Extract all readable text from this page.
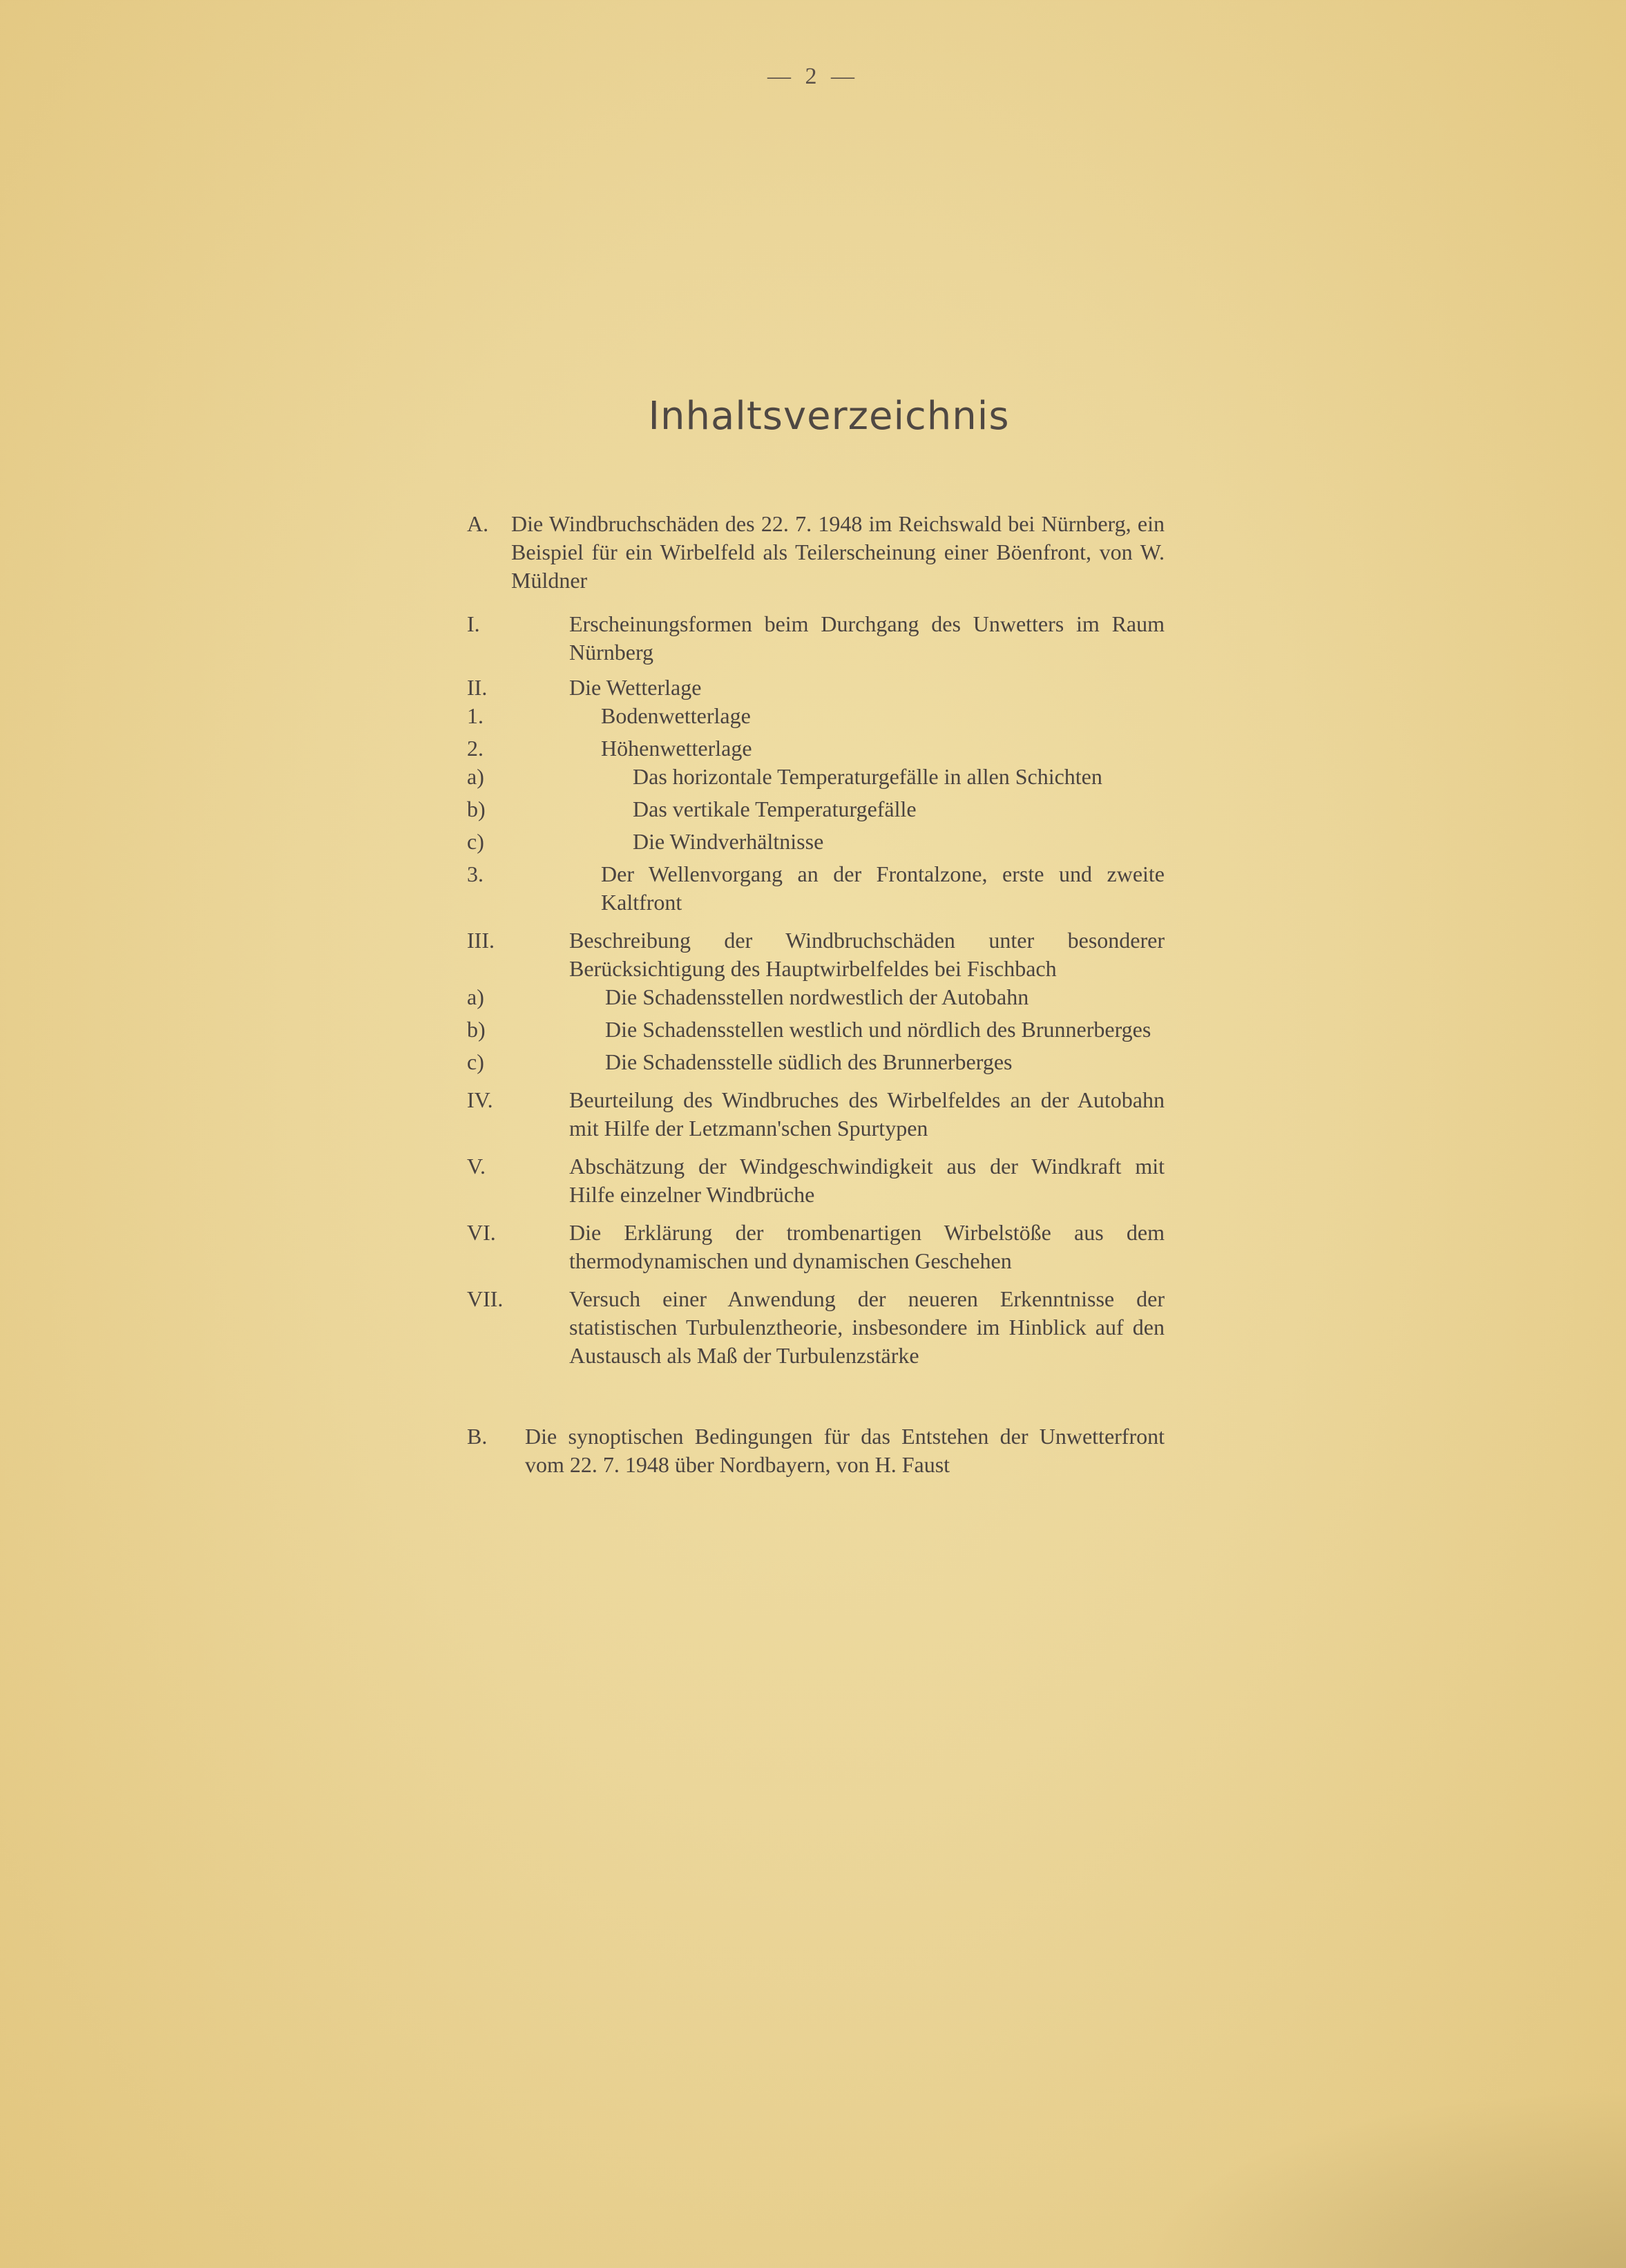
— 2 —
Inhaltsverzeichnis
A.	Die Windbruchschäden des 22. 7. 1948 im Reichswald bei Nürnberg, ein Beispiel für ein Wirbelfeld als Teilerscheinung einer Böenfront, von W. Müldner
I.	Erscheinungsformen beim Durchgang des Unwetters im Raum Nürnberg
II.	Die Wetterlage
1.	Bodenwetterlage
2.	Höhenwetterlage
a)	Das horizontale Temperaturgefälle in allen Schichten
b)	Das vertikale Temperaturgefälle
c)	Die Windverhältnisse
3.	Der Wellenvorgang an der Frontalzone, erste und zweite Kaltfront
III.	Beschreibung der Windbruchschäden unter besonderer Berücksichtigung des Hauptwirbelfeldes bei Fischbach
a)	Die Schadensstellen nordwestlich der Autobahn
b)	Die Schadensstellen westlich und nördlich des Brunnerberges
c)	Die Schadensstelle südlich des Brunnerberges
IV.	Beurteilung des Windbruches des Wirbelfeldes an der Autobahn mit Hilfe der Letzmann'schen Spurtypen
V.	Abschätzung der Windgeschwindigkeit aus der Windkraft mit Hilfe einzelner Windbrüche
VI.	Die Erklärung der trombenartigen Wirbelstöße aus dem thermodynamischen und dynamischen Geschehen
VII.	Versuch einer Anwendung der neueren Erkenntnisse der statistischen Turbulenztheorie, insbesondere im Hinblick auf den Austausch als Maß der Turbulenzstärke
B.	Die synoptischen Bedingungen für das Entstehen der Unwetterfront vom 22. 7. 1948 über Nordbayern, von H. Faust
